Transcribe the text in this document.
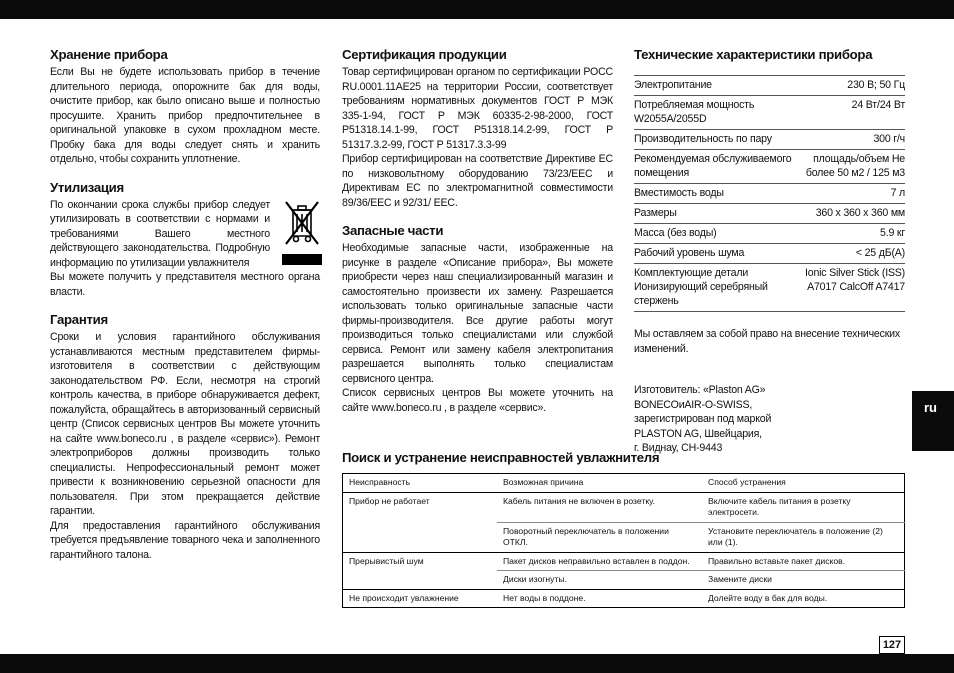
ru
127
Хранение прибора

Если Вы не будете использовать прибор в течение длительного периода, опорожните бак для воды, очистите прибор, как было описано выше и полностью просушите. Хранить прибор предпочтительнее в оригинальной упаковке в сухом прохладном месте. Пробку бака для воды следует снять и хранить отдельно, чтобы сохранить уплотнение.

Утилизация

По окончании срока службы прибор следует утилизировать в соответствии с нормами и требованиями Вашего местного действующего законодательства. Подробную информацию по утилизации увлажнителя

Вы можете получить у представителя местного органа власти.

Гарантия

Сроки и условия гарантийного обслуживания устанавливаются местным представителем фирмы-изготовителя в соответствии с действующим законодательством РФ. Если, несмотря на строгий контроль качества, в приборе обнаруживается дефект, пожалуйста, обращайтесь в авторизованный сервисный центр (Список сервисных центров Вы можете уточнить на сайте www.boneco.ru , в разделе «сервис»). Ремонт электроприборов должны производить только специалисты. Непрофессиональный ремонт может привести к возникновению серьезной опасности для пользователя. При этом прекращается действие гарантии.

Для предоставления гарантийного обслуживания требуется предъявление товарного чека и заполненного гарантийного талона.

Сертификация продукции

Товар сертифицирован органом по сертификации РОСС RU.0001.11АЕ25 на территории России, соответствует требованиям нормативных документов ГОСТ Р МЭК 335-1-94, ГОСТ Р МЭК 60335-2-98-2000, ГОСТ Р51318.14.1-99, ГОСТ Р51318.14.2-99, ГОСТ Р 51317.3.2-99, ГОСТ Р 51317.3.3-99

Прибор сертифицирован на соответствие Директиве ЕС по низковольтному оборудованию 73/23/ЕЕС и Директивам ЕС по электромагнитной совместимости 89/36/ЕЕС и 92/31/ ЕЕС.

Запасные части

Необходимые запасные части, изображенные на рисунке в разделе «Описание прибора», Вы можете приобрести через наш специализированный магазин и самостоятельно произвести их замену. Разрешается использовать только оригинальные запасные части фирмы-производителя. Все другие работы могут производиться только специалистами или службой сервиса. Ремонт или замену кабеля электропитания разрешается выполнять только специалистам сервисного центра.

Список сервисных центров Вы можете уточнить на сайте www.boneco.ru , в разделе «сервис».

Технические характеристики прибора
Электропитание	230 В; 50 Гц
Потребляемая мощность W2055A/2055D	24 Вт/24 Вт
Производительность по пару	300 г/ч
Рекомендуемая обслуживаемого помещения	площадь/объем Не более 50 м2 / 125 м3
Вместимость воды	7 л
Размеры	360 x 360 x 360 мм
Масса (без воды)	5.9 кг
Рабочий уровень шума	< 25 дБ(А)
Комплектующие детали Ионизирующий серебряный стержень	Ionic Silver Stick (ISS) A7017 CalcOff A7417

Мы оставляем за собой право на внесение технических изменений.

Изготовитель: «Plaston AG»
BONECOиAIR-O-SWISS,
зарегистрирован под маркой
PLASTON AG, Швейцария,
г. Виднау, CH-9443
Поиск и устранение неисправностей увлажнителя
Неисправность	Возможная причина	Способ устранения
Прибор не работает	Кабель питания не включен в розетку.	Включите кабель питания в розетку электросети.
	Поворотный переключатель в положении ОТКЛ.	Установите переключатель в положение (2) или (1).
Прерывистый шум	Пакет дисков неправильно вставлен в поддон.	Правильно вставьте пакет дисков.
	Диски изогнуты.	Замените диски
Не происходит увлажнение	Нет воды в поддоне.	Долейте воду в бак для воды.
